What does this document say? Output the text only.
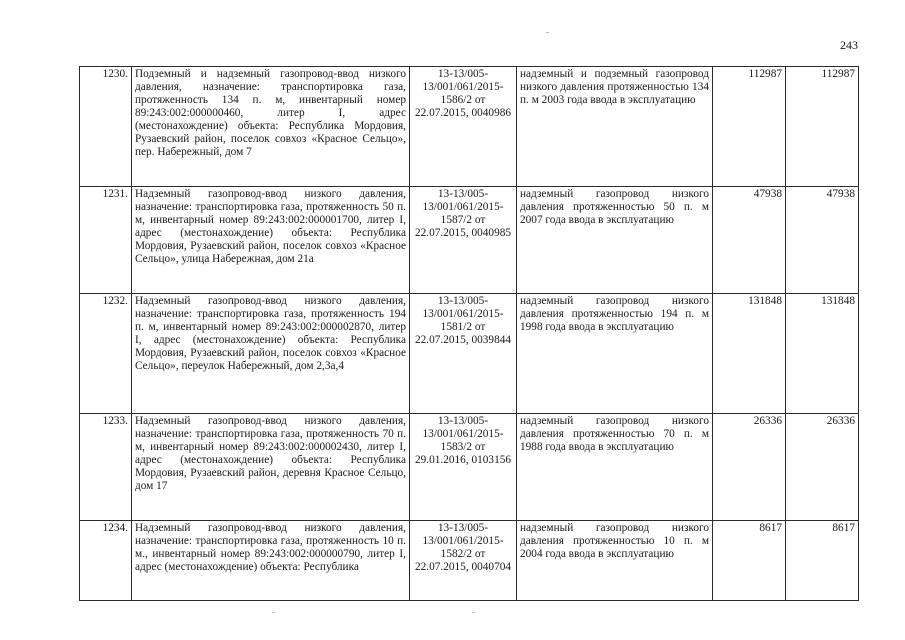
243
1230.	Подземный и надземный газопровод-ввод низкого давления, назначение: транспортировка газа, протяженность 134 п. м, инвентарный номер 89:243:002:000000460, литер I, адрес (местонахождение) объекта: Республика Мордовия, Рузаевский район, поселок совхоз «Красное Сельцо», пер. Набережный, дом 7	13-13/005-13/001/061/2015-1586/2 от 22.07.2015, 0040986	надземный и подземный газопровод низкого давления протяженностью 134 п. м 2003 года ввода в эксплуатацию	112987	112987
1231.	Надземный газопровод-ввод низкого давления, назначение: транспортировка газа, протяженность 50 п. м, инвентарный номер 89:243:002:000001700, литер I, адрес (местонахождение) объекта: Республика Мордовия, Рузаевский район, поселок совхоз «Красное Сельцо», улица Набережная, дом 21а	13-13/005-13/001/061/2015-1587/2 от 22.07.2015, 0040985	надземный газопровод низкого давления протяженностью 50 п. м 2007 года ввода в эксплуатацию	47938	47938
1232.	Надземный газопровод-ввод низкого давления, назначение: транспортировка газа, протяженность 194 п. м, инвентарный номер 89:243:002:000002870, литер I, адрес (местонахождение) объекта: Республика Мордовия, Рузаевский район, поселок совхоз «Красное Сельцо», переулок Набережный, дом 2,3а,4	13-13/005-13/001/061/2015-1581/2 от 22.07.2015, 0039844	надземный газопровод низкого давления протяженностью 194 п. м 1998 года ввода в эксплуатацию	131848	131848
1233.	Надземный газопровод-ввод низкого давления, назначение: транспортировка газа, протяженность 70 п. м, инвентарный номер 89:243:002:000002430, литер I, адрес (местонахождение) объекта: Республика Мордовия, Рузаевский район, деревня Красное Сельцо, дом 17	13-13/005-13/001/061/2015-1583/2 от 29.01.2016, 0103156	надземный газопровод низкого давления протяженностью 70 п. м 1988 года ввода в эксплуатацию	26336	26336
1234.	Надземный газопровод-ввод низкого давления, назначение: транспортировка газа, протяженность 10 п. м., инвентарный номер 89:243:002:000000790, литер I, адрес (местонахождение) объекта: Республика	13-13/005-13/001/061/2015-1582/2 от 22.07.2015, 0040704	надземный газопровод низкого давления протяженностью 10 п. м 2004 года ввода в эксплуатацию	8617	8617
